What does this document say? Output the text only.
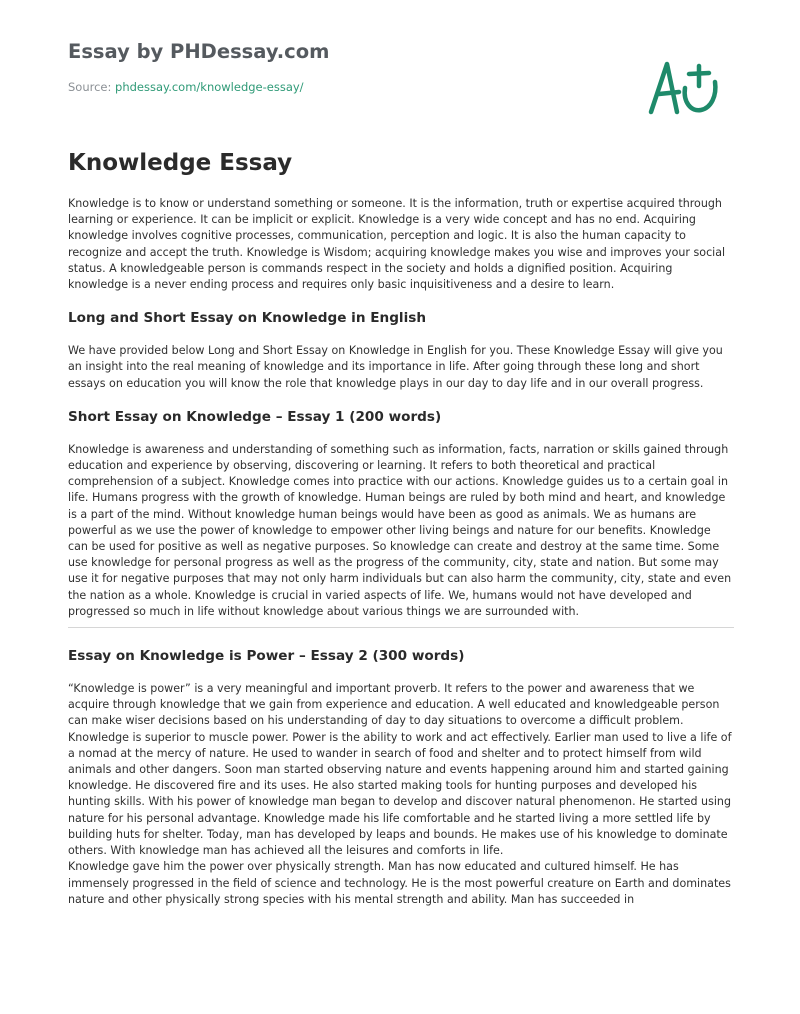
Essay by PHDessay.com
Source: phdessay.com/knowledge-essay/
Knowledge Essay

Knowledge is to know or understand something or someone. It is the information, truth or expertise acquired through learning or experience. It can be implicit or explicit. Knowledge is a very wide concept and has no end. Acquiring knowledge involves cognitive processes, communication, perception and logic. It is also the human capacity to recognize and accept the truth. Knowledge is Wisdom; acquiring knowledge makes you wise and improves your social status. A knowledgeable person is commands respect in the society and holds a dignified position. Acquiring knowledge is a never ending process and requires only basic inquisitiveness and a desire to learn.

Long and Short Essay on Knowledge in English

We have provided below Long and Short Essay on Knowledge in English for you. These Knowledge Essay will give you an insight into the real meaning of knowledge and its importance in life. After going through these long and short essays on education you will know the role that knowledge plays in our day to day life and in our overall progress.

Short Essay on Knowledge – Essay 1 (200 words)

Knowledge is awareness and understanding of something such as information, facts, narration or skills gained through education and experience by observing, discovering or learning. It refers to both theoretical and practical comprehension of a subject. Knowledge comes into practice with our actions. Knowledge guides us to a certain goal in life. Humans progress with the growth of knowledge. Human beings are ruled by both mind and heart, and knowledge is a part of the mind. Without knowledge human beings would have been as good as animals. We as humans are powerful as we use the power of knowledge to empower other living beings and nature for our benefits. Knowledge can be used for positive as well as negative purposes. So knowledge can create and destroy at the same time. Some use knowledge for personal progress as well as the progress of the community, city, state and nation. But some may use it for negative purposes that may not only harm individuals but can also harm the community, city, state and even the nation as a whole. Knowledge is crucial in varied aspects of life. We, humans would not have developed and progressed so much in life without knowledge about various things we are surrounded with.

Essay on Knowledge is Power – Essay 2 (300 words)

“Knowledge is power” is a very meaningful and important proverb. It refers to the power and awareness that we acquire through knowledge that we gain from experience and education. A well educated and knowledgeable person can make wiser decisions based on his understanding of day to day situations to overcome a difficult problem. Knowledge is superior to muscle power. Power is the ability to work and act effectively. Earlier man used to live a life of a nomad at the mercy of nature. He used to wander in search of food and shelter and to protect himself from wild animals and other dangers. Soon man started observing nature and events happening around him and started gaining knowledge. He discovered fire and its uses. He also started making tools for hunting purposes and developed his hunting skills. With his power of knowledge man began to develop and discover natural phenomenon. He started using nature for his personal advantage. Knowledge made his life comfortable and he started living a more settled life by building huts for shelter. Today, man has developed by leaps and bounds. He makes use of his knowledge to dominate others. With knowledge man has achieved all the leisures and comforts in life.

Knowledge gave him the power over physically strength. Man has now educated and cultured himself. He has immensely progressed in the field of science and technology. He is the most powerful creature on Earth and dominates nature and other physically strong species with his mental strength and ability. Man has succeeded in
